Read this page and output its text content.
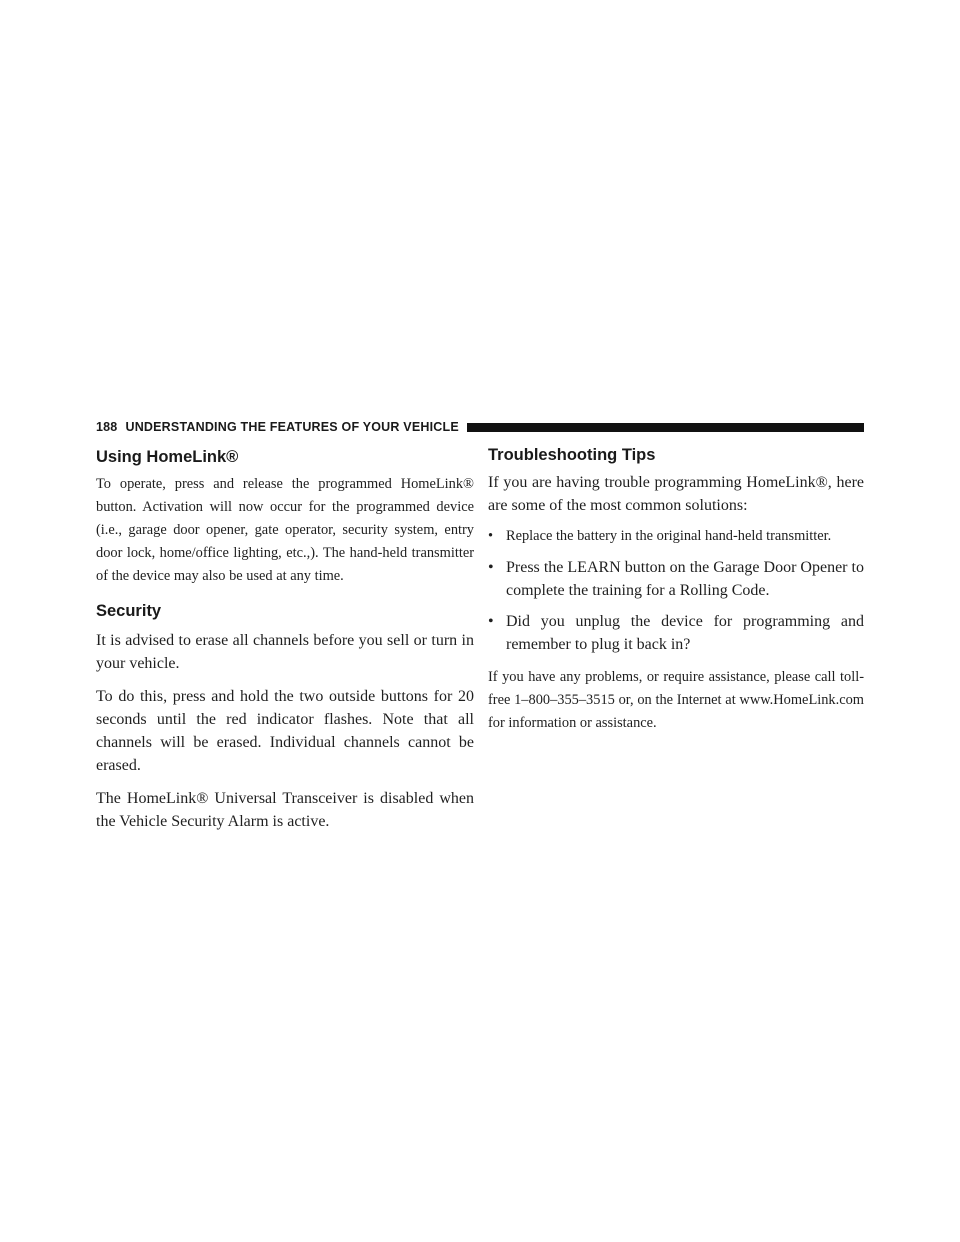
188 UNDERSTANDING THE FEATURES OF YOUR VEHICLE
Using HomeLink®

To operate, press and release the programmed HomeLink® button. Activation will now occur for the programmed device (i.e., garage door opener, gate operator, security system, entry door lock, home/office lighting, etc.,). The hand-held transmitter of the device may also be used at any time.

Security

It is advised to erase all channels before you sell or turn in your vehicle.

To do this, press and hold the two outside buttons for 20 seconds until the red indicator flashes. Note that all channels will be erased. Individual channels cannot be erased.

The HomeLink® Universal Transceiver is disabled when the Vehicle Security Alarm is active.

Troubleshooting Tips

If you are having trouble programming HomeLink®, here are some of the most common solutions:

• Replace the battery in the original hand-held transmitter.
• Press the LEARN button on the Garage Door Opener to complete the training for a Rolling Code.
• Did you unplug the device for programming and remember to plug it back in?

If you have any problems, or require assistance, please call toll-free 1–800–355–3515 or, on the Internet at www.HomeLink.com for information or assistance.
